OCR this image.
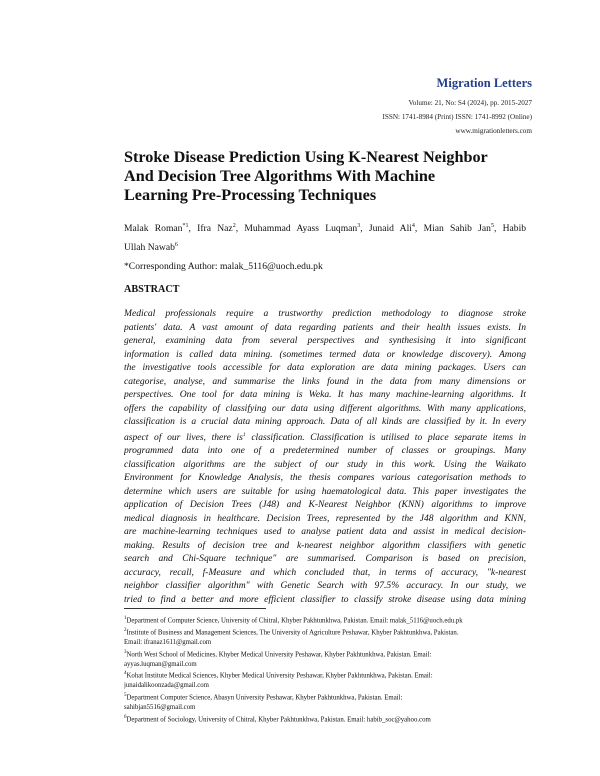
Migration Letters
Volume: 21, No: S4 (2024), pp. 2015-2027
ISSN: 1741-8984 (Print) ISSN: 1741-8992 (Online)
www.migrationletters.com
Stroke Disease Prediction Using K-Nearest Neighbor
And Decision Tree Algorithms With Machine
Learning Pre-Processing Techniques

Malak Roman$^{*1}$, Ifra Naz$^2$, Muhammad Ayass Luqman$^3$, Junaid Ali$^4$, Mian Sahib Jan$^5$, Habib
Ullah Nawab$^6$

*Corresponding Author: malak_5116@uoch.edu.pk
ABSTRACT
Medical professionals require a trustworthy prediction methodology to diagnose stroke
patients' data. A vast amount of data regarding patients and their health issues exists. In
general, examining data from several perspectives and synthesising it into significant
information is called data mining. (sometimes termed data or knowledge discovery). Among
the investigative tools accessible for data exploration are data mining packages. Users can
categorise, analyse, and summarise the links found in the data from many dimensions or
perspectives. One tool for data mining is Weka. It has many machine-learning algorithms. It
offers the capability of classifying our data using different algorithms. With many applications,
classification is a crucial data mining approach. Data of all kinds are classified by it. In every
aspect of our lives, there $is^1$ classification. Classification is utilised to place separate items in
programmed data into one of a predetermined number of classes or groupings. Many
classification algorithms are the subject of our study in this work. Using the Waikato
Environment for Knowledge Analysis, the thesis compares various categorisation methods to
determine which users are suitable for using haematological data. This paper investigates the
application of Decision Trees (J48) and K-Nearest Neighbor (KNN) algorithms to improve
medical diagnosis in healthcare. Decision Trees, represented by the J48 algorithm and KNN,
are machine-learning techniques used to analyse patient data and assist in medical decision-
making. Results of decision tree and k-nearest neighbor algorithm classifiers with genetic
search and Chi-Square technique" are summarised. Comparison is based on precision,
accuracy, recall, f-Measure and which concluded that, in terms of accuracy, "k-nearest
neighbor classifier algorithm" with Genetic Search with 97.5% accuracy. In our study, we
tried to find a better and more efficient classifier to classify stroke disease using data mining
$^1$Department of Computer Science, University of Chitral, Khyber Pakhtunkhwa, Pakistan. Email: malak_5116@uoch.edu.pk
$^2$Institute of Business and Management Sciences, The University of Agriculture Peshawar, Khyber Pakhtunkhwa, Pakistan.
Email: ifranaz1611@gmail.com
$^3$North West School of Medicines, Khyber Medical University Peshawar, Khyber Pakhtunkhwa, Pakistan. Email:
ayyas.luqman@gmail.com
$^4$Kohat Institute Medical Sciences, Khyber Medical University Peshawar, Khyber Pakhtunkhwa, Pakistan. Email:
junaidalikoonzada@gmail.com
$^5$Department Computer Science, Abasyn University Peshawar, Khyber Pakhtunkhwa, Pakistan. Email:
sahibjan5516@gmail.com
$^6$Department of Sociology, University of Chitral, Khyber Pakhtunkhwa, Pakistan. Email: habib_soc@yahoo.com
